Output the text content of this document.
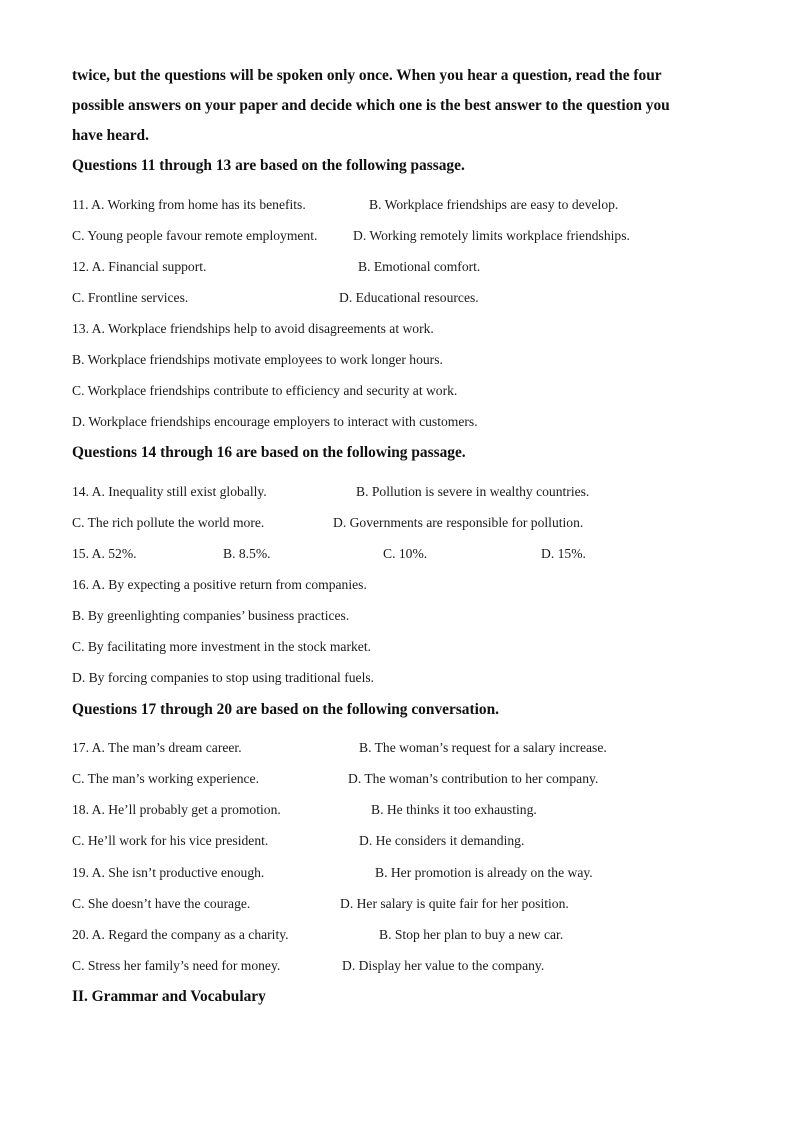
twice, but the questions will be spoken only once. When you hear a question, read the four
possible answers on your paper and decide which one is the best answer to the question you
have heard.
Questions 11 through 13 are based on the following passage.
11. A. Working from home has its benefits.	B. Workplace friendships are easy to develop.
C. Young people favour remote employment.	D. Working remotely limits workplace friendships.
12. A. Financial support.	B. Emotional comfort.
C. Frontline services.	D. Educational resources.
13. A. Workplace friendships help to avoid disagreements at work.
B. Workplace friendships motivate employees to work longer hours.
C. Workplace friendships contribute to efficiency and security at work.
D. Workplace friendships encourage employers to interact with customers.
Questions 14 through 16 are based on the following passage.
14. A. Inequality still exist globally.	B. Pollution is severe in wealthy countries.
C. The rich pollute the world more.	D. Governments are responsible for pollution.
15. A. 52%.	B. 8.5%.	C. 10%.	D. 15%.
16. A. By expecting a positive return from companies.
B. By greenlighting companies’ business practices.
C. By facilitating more investment in the stock market.
D. By forcing companies to stop using traditional fuels.
Questions 17 through 20 are based on the following conversation.
17. A. The man’s dream career.	B. The woman’s request for a salary increase.
C. The man’s working experience.	D. The woman’s contribution to her company.
18. A. He’ll probably get a promotion.	B. He thinks it too exhausting.
C. He’ll work for his vice president.	D. He considers it demanding.
19. A. She isn’t productive enough.	B. Her promotion is already on the way.
C. She doesn’t have the courage.	D. Her salary is quite fair for her position.
20. A. Regard the company as a charity.	B. Stop her plan to buy a new car.
C. Stress her family’s need for money.	D. Display her value to the company.
II. Grammar and Vocabulary
